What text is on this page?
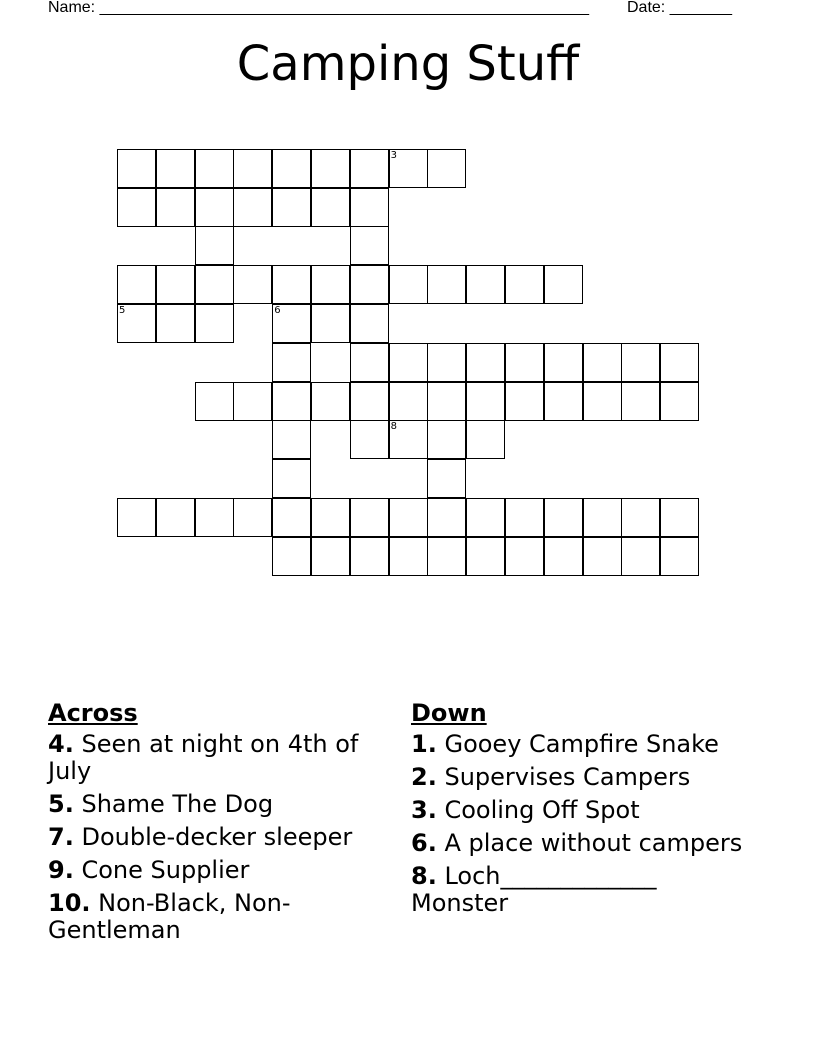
Name: _______________________________________________________ Date: _______
Camping Stuff
3
5	6
8
Across
4. Seen at night on 4th of July
5. Shame The Dog
7. Double-decker sleeper
9. Cone Supplier
10. Non-Black, Non-Gentleman
Down
1. Gooey Campfire Snake
2. Supervises Campers
3. Cooling Off Spot
6. A place without campers
8. Loch_____________ Monster
